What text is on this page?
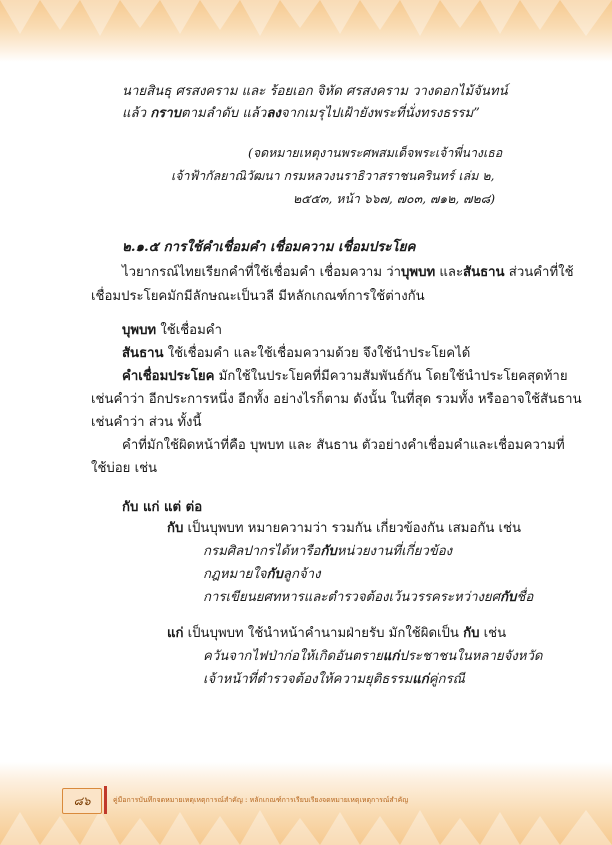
นายสินธุ ศรสงคราม และ ร้อยเอก จิหัด ศรสงคราม วางดอกไม้จันทน์
แล้ว กราบตามลำดับ แล้วลงจากเมรุไปเฝ้ายังพระที่นั่งทรงธรรม”
(จดหมายเหตุงานพระศพสมเด็จพระเจ้าพี่นางเธอ
เจ้าฟ้ากัลยาณิวัฒนา กรมหลวงนราธิวาสราชนครินทร์ เล่ม ๒,
๒๕๕๓, หน้า ๖๖๗, ๗๐๓, ๗๑๒, ๗๒๘)
๒.๑.๕ การใช้คำเชื่อมคำ เชื่อมความ เชื่อมประโยค
ไวยากรณ์ไทยเรียกคำที่ใช้เชื่อมคำ เชื่อมความ ว่าบุพบท และสันธาน ส่วนคำที่ใช้
เชื่อมประโยคมักมีลักษณะเป็นวลี มีหลักเกณฑ์การใช้ต่างกัน
บุพบท ใช้เชื่อมคำ
สันธาน ใช้เชื่อมคำ และใช้เชื่อมความด้วย จึงใช้นำประโยคได้
คำเชื่อมประโยค มักใช้ในประโยคที่มีความสัมพันธ์กัน โดยใช้นำประโยคสุดท้าย
เช่นคำว่า อีกประการหนึ่ง อีกทั้ง อย่างไรก็ตาม ดังนั้น ในที่สุด รวมทั้ง หรืออาจใช้สันธาน
เช่นคำว่า ส่วน ทั้งนี้
คำที่มักใช้ผิดหน้าที่คือ บุพบท และ สันธาน ตัวอย่างคำเชื่อมคำและเชื่อมความที่
ใช้บ่อย เช่น
กับ แก่ แต่ ต่อ
กับ เป็นบุพบท หมายความว่า รวมกัน เกี่ยวข้องกัน เสมอกัน เช่น
กรมศิลปากรได้หารือกับหน่วยงานที่เกี่ยวข้อง
กฎหมายใจกับลูกจ้าง
การเขียนยศทหารและตำรวจต้องเว้นวรรคระหว่างยศกับชื่อ
แก่ เป็นบุพบท ใช้นำหน้าคำนามฝ่ายรับ มักใช้ผิดเป็น กับ เช่น
ควันจากไฟป่าก่อให้เกิดอันตรายแก่ประชาชนในหลายจังหวัด
เจ้าหน้าที่ตำรวจต้องให้ความยุติธรรมแก่คู่กรณี
๘๖	คู่มือการบันทึกจดหมายเหตุเหตุการณ์สำคัญ : หลักเกณฑ์การเรียบเรียงจดหมายเหตุเหตุการณ์สำคัญ
